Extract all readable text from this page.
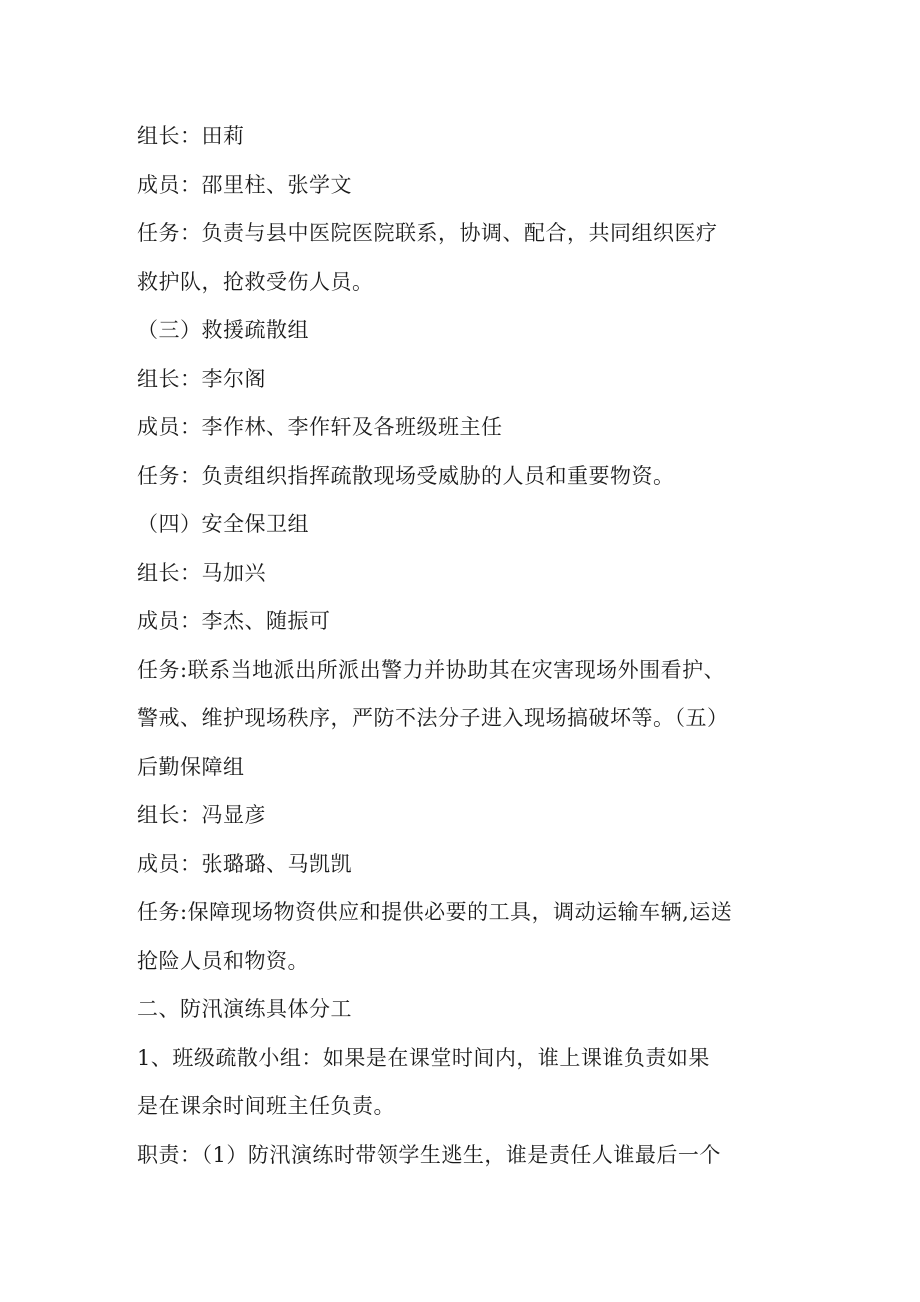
组长：田莉
成员：邵里柱、张学文
任务：负责与县中医院医院联系，协调、配合，共同组织医疗
救护队，抢救受伤人员。
（三）救援疏散组
组长：李尔阁
成员：李作林、李作轩及各班级班主任
任务：负责组织指挥疏散现场受威胁的人员和重要物资。
（四）安全保卫组
组长：马加兴
成员：李杰、随振可
任务:联系当地派出所派出警力并协助其在灾害现场外围看护、
警戒、维护现场秩序，严防不法分子进入现场搞破坏等。（五）
后勤保障组
组长：冯显彦
成员：张璐璐、马凯凯
任务:保障现场物资供应和提供必要的工具，调动运输车辆,运送
抢险人员和物资。
二、防汛演练具体分工
1、班级疏散小组：如果是在课堂时间内，谁上课谁负责如果
是在课余时间班主任负责。
职责：（1）防汛演练时带领学生逃生，谁是责任人谁最后一个
